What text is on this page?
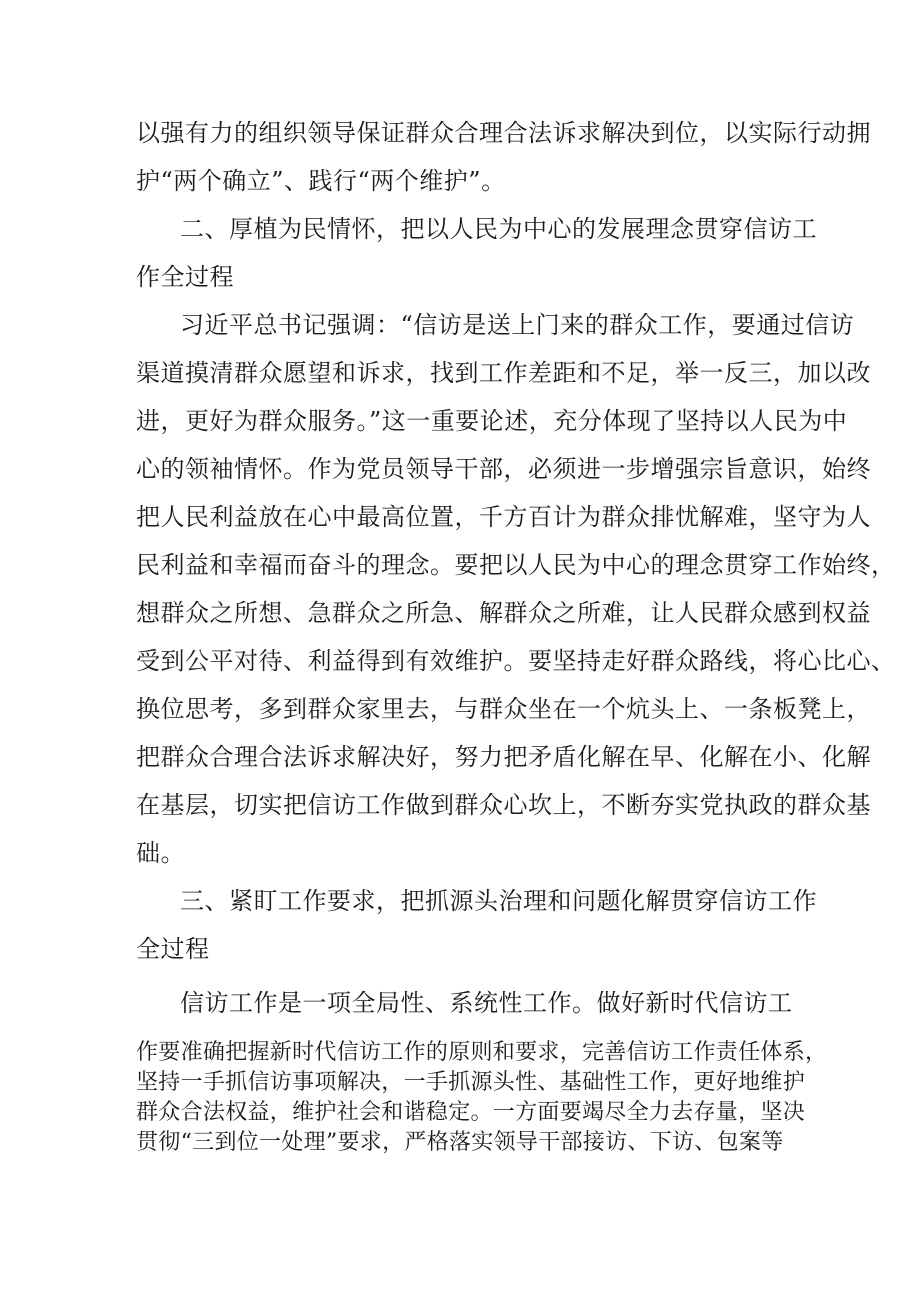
以强有力的组织领导保证群众合理合法诉求解决到位，以实际行动拥
护“两个确立”、践行“两个维护”。
二、厚植为民情怀，把以人民为中心的发展理念贯穿信访工
作全过程
习近平总书记强调：“信访是送上门来的群众工作，要通过信访
渠道摸清群众愿望和诉求，找到工作差距和不足，举一反三，加以改
进，更好为群众服务。”这一重要论述，充分体现了坚持以人民为中
心的领袖情怀。作为党员领导干部，必须进一步增强宗旨意识，始终
把人民利益放在心中最高位置，千方百计为群众排忧解难，坚守为人
民利益和幸福而奋斗的理念。要把以人民为中心的理念贯穿工作始终，
想群众之所想、急群众之所急、解群众之所难，让人民群众感到权益
受到公平对待、利益得到有效维护。要坚持走好群众路线，将心比心、
换位思考，多到群众家里去，与群众坐在一个炕头上、一条板凳上，
把群众合理合法诉求解决好，努力把矛盾化解在早、化解在小、化解
在基层，切实把信访工作做到群众心坎上，不断夯实党执政的群众基
础。
三、紧盯工作要求，把抓源头治理和问题化解贯穿信访工作
全过程
信访工作是一项全局性、系统性工作。做好新时代信访工
作要准确把握新时代信访工作的原则和要求，完善信访工作责任体系，
坚持一手抓信访事项解决，一手抓源头性、基础性工作，更好地维护
群众合法权益，维护社会和谐稳定。一方面要竭尽全力去存量，坚决
贯彻“三到位一处理”要求，严格落实领导干部接访、下访、包案等
